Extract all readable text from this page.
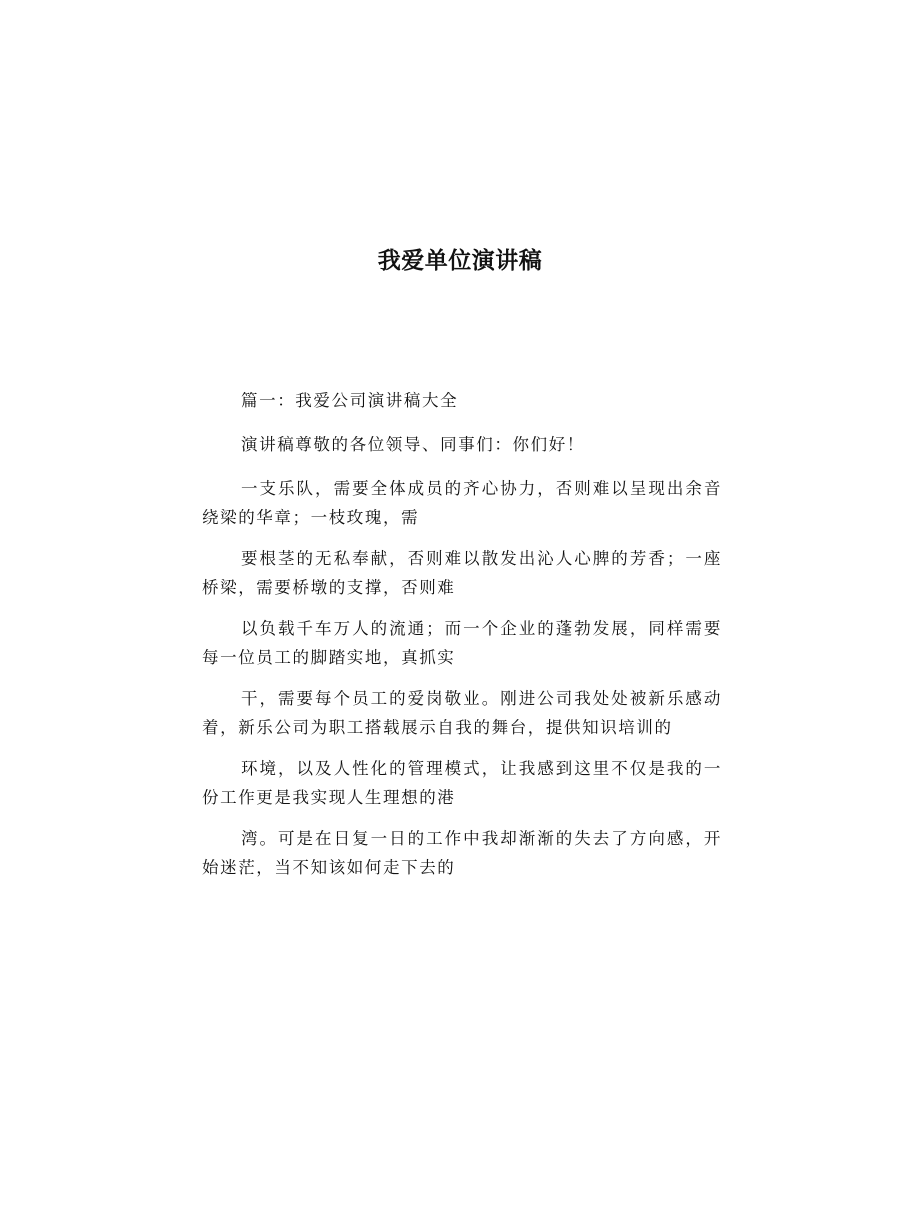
我爱单位演讲稿

篇一：我爱公司演讲稿大全

演讲稿尊敬的各位领导、同事们：你们好！

一支乐队，需要全体成员的齐心协力，否则难以呈现出余音绕梁的华章；一枝玫瑰，需

要根茎的无私奉献，否则难以散发出沁人心脾的芳香；一座桥梁，需要桥墩的支撑，否则难

以负载千车万人的流通；而一个企业的蓬勃发展，同样需要每一位员工的脚踏实地，真抓实

干，需要每个员工的爱岗敬业。刚进公司我处处被新乐感动着，新乐公司为职工搭载展示自我的舞台，提供知识培训的

环境，以及人性化的管理模式，让我感到这里不仅是我的一份工作更是我实现人生理想的港

湾。可是在日复一日的工作中我却渐渐的失去了方向感，开始迷茫，当不知该如何走下去的
